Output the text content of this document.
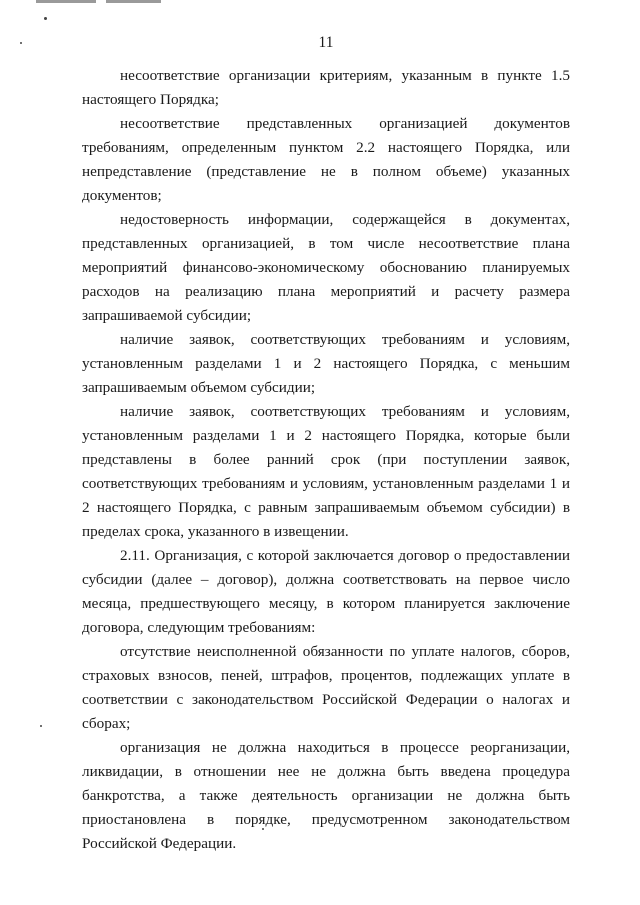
11

несоответствие организации критериям, указанным в пункте 1.5 настоящего Порядка;

несоответствие представленных организацией документов требованиям, определенным пунктом 2.2 настоящего Порядка, или непредставление (представление не в полном объеме) указанных документов;

недостоверность информации, содержащейся в документах, представленных организацией, в том числе несоответствие плана мероприятий финансово-экономическому обоснованию планируемых расходов на реализацию плана мероприятий и расчету размера запрашиваемой субсидии;

наличие заявок, соответствующих требованиям и условиям, установленным разделами 1 и 2 настоящего Порядка, с меньшим запрашиваемым объемом субсидии;

наличие заявок, соответствующих требованиям и условиям, установленным разделами 1 и 2 настоящего Порядка, которые были представлены в более ранний срок (при поступлении заявок, соответствующих требованиям и условиям, установленным разделами 1 и 2 настоящего Порядка, с равным запрашиваемым объемом субсидии) в пределах срока, указанного в извещении.

2.11. Организация, с которой заключается договор о предоставлении субсидии (далее – договор), должна соответствовать на первое число месяца, предшествующего месяцу, в котором планируется заключение договора, следующим требованиям:

отсутствие неисполненной обязанности по уплате налогов, сборов, страховых взносов, пеней, штрафов, процентов, подлежащих уплате в соответствии с законодательством Российской Федерации о налогах и сборах;

организация не должна находиться в процессе реорганизации, ликвидации, в отношении нее не должна быть введена процедура банкротства, а также деятельность организации не должна быть приостановлена в порядке, предусмотренном законодательством Российской Федерации.
